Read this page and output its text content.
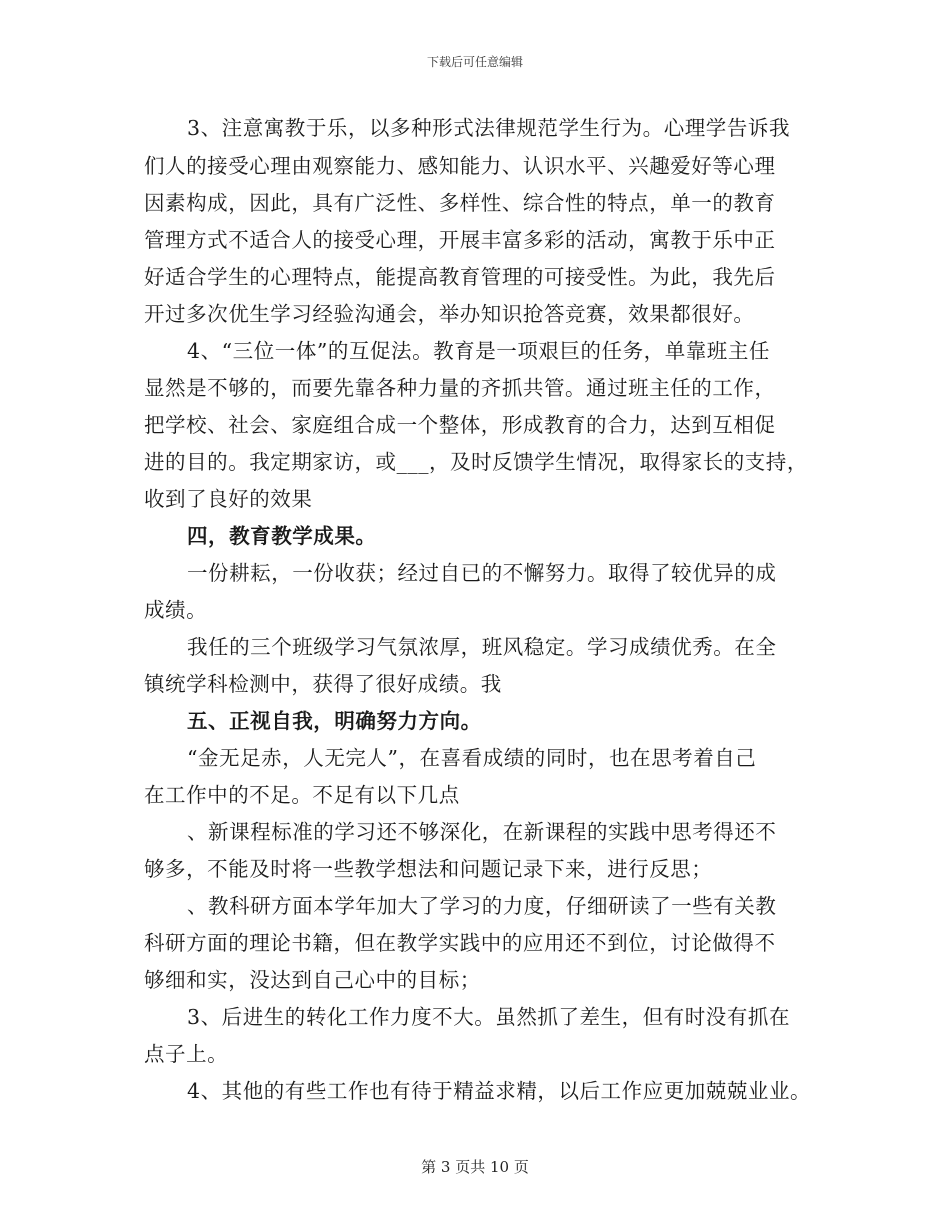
下载后可任意编辑
3、注意寓教于乐，以多种形式法律规范学生行为。心理学告诉我
们人的接受心理由观察能力、感知能力、认识水平、兴趣爱好等心理
因素构成，因此，具有广泛性、多样性、综合性的特点，单一的教育
管理方式不适合人的接受心理，开展丰富多彩的活动，寓教于乐中正
好适合学生的心理特点，能提高教育管理的可接受性。为此，我先后
开过多次优生学习经验沟通会，举办知识抢答竞赛，效果都很好。
4、“三位一体”的互促法。教育是一项艰巨的任务，单靠班主任
显然是不够的，而要先靠各种力量的齐抓共管。通过班主任的工作，
把学校、社会、家庭组合成一个整体，形成教育的合力，达到互相促
进的目的。我定期家访，或___，及时反馈学生情况，取得家长的支持，
收到了良好的效果
四，教育教学成果。
一份耕耘，一份收获；经过自已的不懈努力。取得了较优异的成
成绩。
我任的三个班级学习气氛浓厚，班风稳定。学习成绩优秀。在全
镇统学科检测中，获得了很好成绩。我
五、正视自我，明确努力方向。
“金无足赤，人无完人”，在喜看成绩的同时，也在思考着自己
在工作中的不足。不足有以下几点
、新课程标准的学习还不够深化，在新课程的实践中思考得还不
够多，不能及时将一些教学想法和问题记录下来，进行反思；
、教科研方面本学年加大了学习的力度，仔细研读了一些有关教
科研方面的理论书籍，但在教学实践中的应用还不到位，讨论做得不
够细和实，没达到自己心中的目标；
3、后进生的转化工作力度不大。虽然抓了差生，但有时没有抓在
点子上。
4、其他的有些工作也有待于精益求精，以后工作应更加兢兢业业。
第 3 页共 10 页
